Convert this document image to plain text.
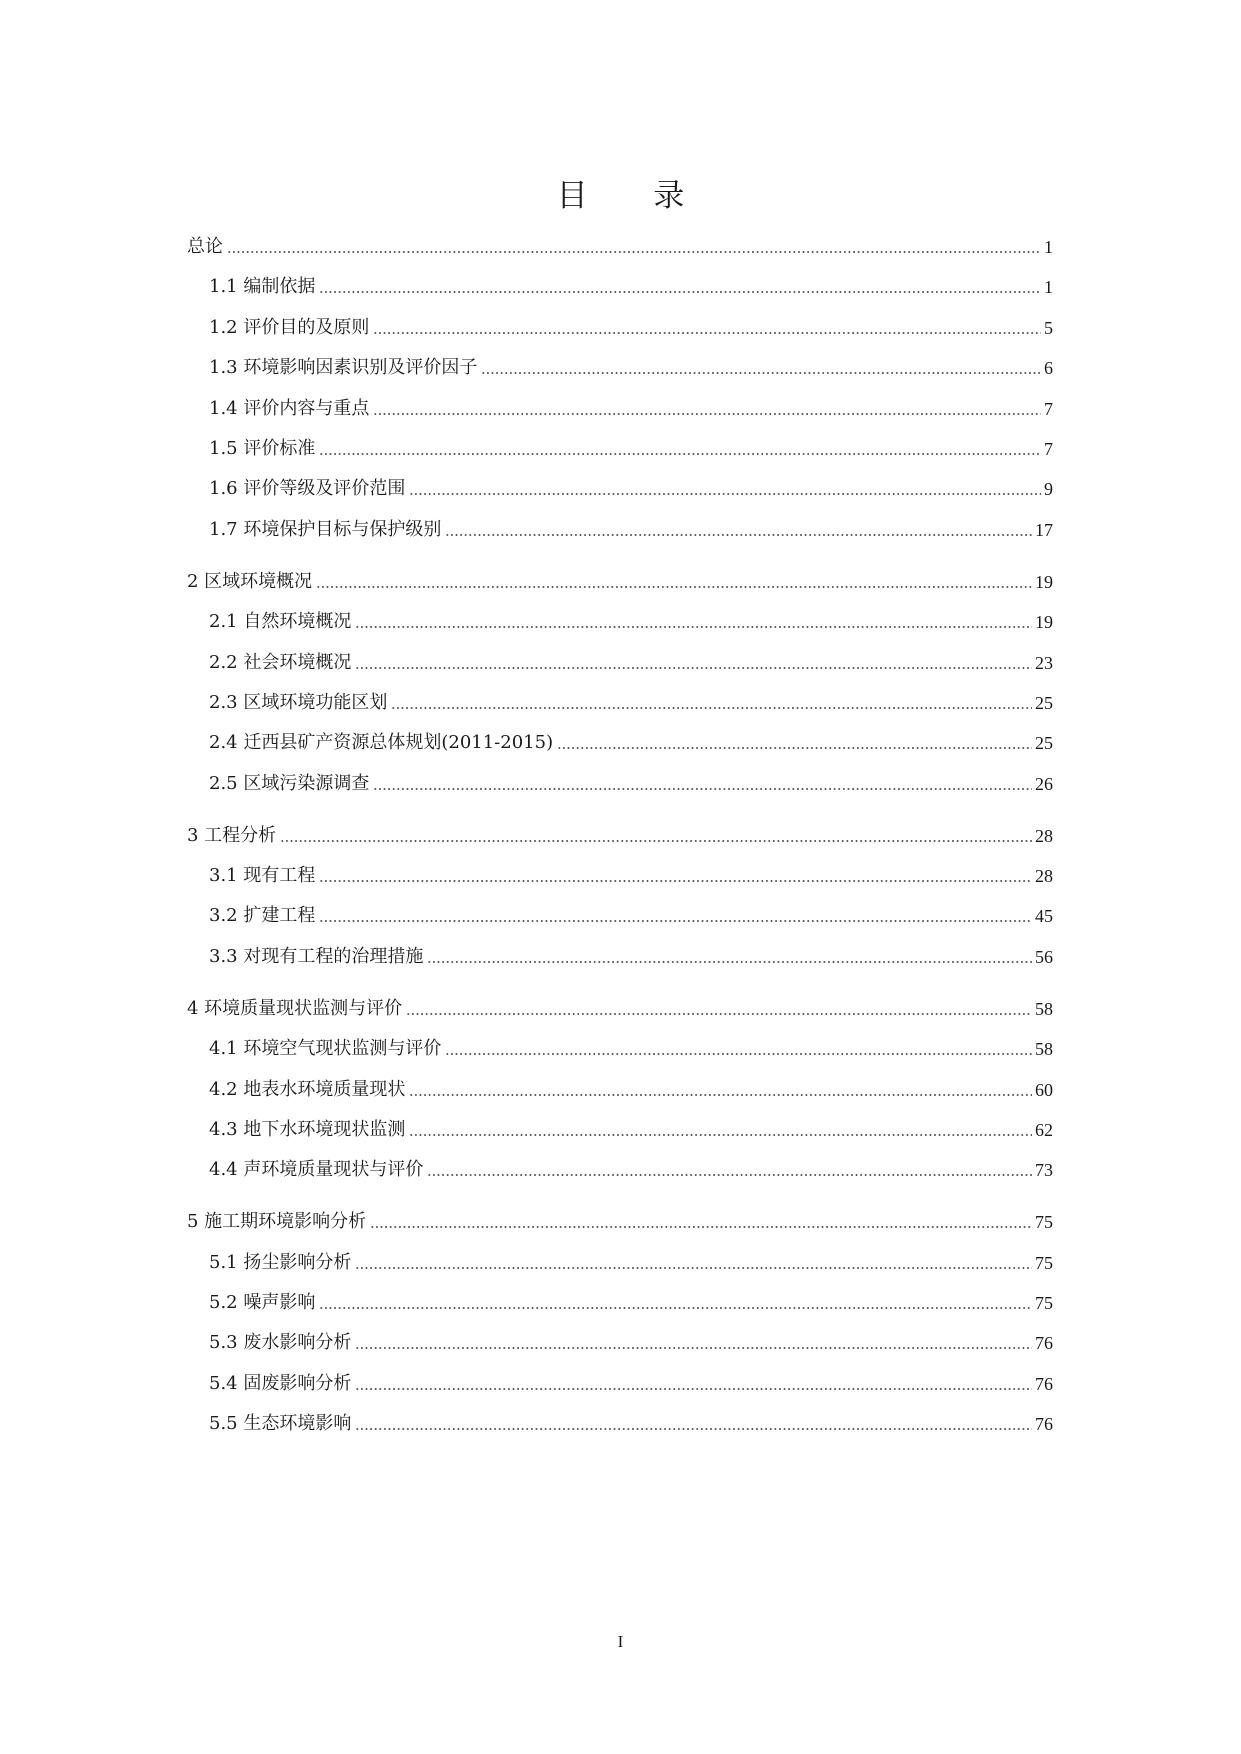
目 录
总论	1
1.1 编制依据	1
1.2 评价目的及原则	5
1.3 环境影响因素识别及评价因子	6
1.4 评价内容与重点	7
1.5 评价标准	7
1.6 评价等级及评价范围	9
1.7 环境保护目标与保护级别	17
2 区域环境概况	19
2.1 自然环境概况	19
2.2 社会环境概况	23
2.3 区域环境功能区划	25
2.4 迁西县矿产资源总体规划(2011-2015)	25
2.5 区域污染源调查	26
3 工程分析	28
3.1 现有工程	28
3.2 扩建工程	45
3.3 对现有工程的治理措施	56
4 环境质量现状监测与评价	58
4.1 环境空气现状监测与评价	58
4.2 地表水环境质量现状	60
4.3 地下水环境现状监测	62
4.4 声环境质量现状与评价	73
5 施工期环境影响分析	75
5.1 扬尘影响分析	75
5.2 噪声影响	75
5.3 废水影响分析	76
5.4 固废影响分析	76
5.5 生态环境影响	76
I
